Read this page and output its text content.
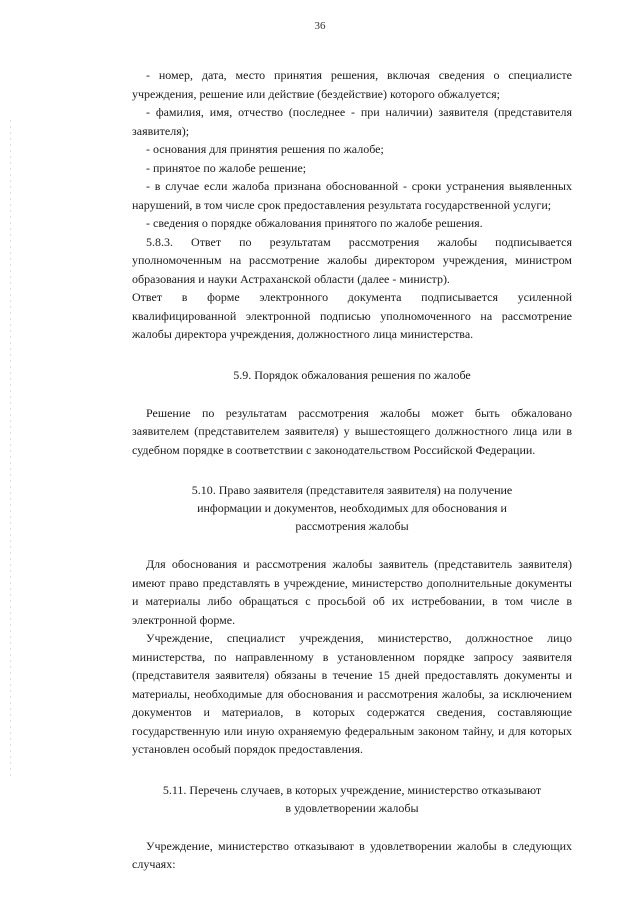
36

- номер, дата, место принятия решения, включая сведения о специалисте учреждения, решение или действие (бездействие) которого обжалуется;

- фамилия, имя, отчество (последнее - при наличии) заявителя (представителя заявителя);

- основания для принятия решения по жалобе;

- принятое по жалобе решение;

- в случае если жалоба признана обоснованной - сроки устранения выявленных нарушений, в том числе срок предоставления результата государственной услуги;

- сведения о порядке обжалования принятого по жалобе решения.

5.8.3. Ответ по результатам рассмотрения жалобы подписывается уполномоченным на рассмотрение жалобы директором учреждения, министром образования и науки Астраханской области (далее - министр).

Ответ в форме электронного документа подписывается усиленной квалифицированной электронной подписью уполномоченного на рассмотрение жалобы директора учреждения, должностного лица министерства.

5.9. Порядок обжалования решения по жалобе

Решение по результатам рассмотрения жалобы может быть обжаловано заявителем (представителем заявителя) у вышестоящего должностного лица или в судебном порядке в соответствии с законодательством Российской Федерации.

5.10. Право заявителя (представителя заявителя) на получение информации и документов, необходимых для обоснования и рассмотрения жалобы

Для обоснования и рассмотрения жалобы заявитель (представитель заявителя) имеют право представлять в учреждение, министерство дополнительные документы и материалы либо обращаться с просьбой об их истребовании, в том числе в электронной форме.

Учреждение, специалист учреждения, министерство, должностное лицо министерства, по направленному в установленном порядке запросу заявителя (представителя заявителя) обязаны в течение 15 дней предоставлять документы и материалы, необходимые для обоснования и рассмотрения жалобы, за исключением документов и материалов, в которых содержатся сведения, составляющие государственную или иную охраняемую федеральным законом тайну, и для которых установлен особый порядок предоставления.

5.11. Перечень случаев, в которых учреждение, министерство отказывают в удовлетворении жалобы

Учреждение, министерство отказывают в удовлетворении жалобы в следующих случаях:
